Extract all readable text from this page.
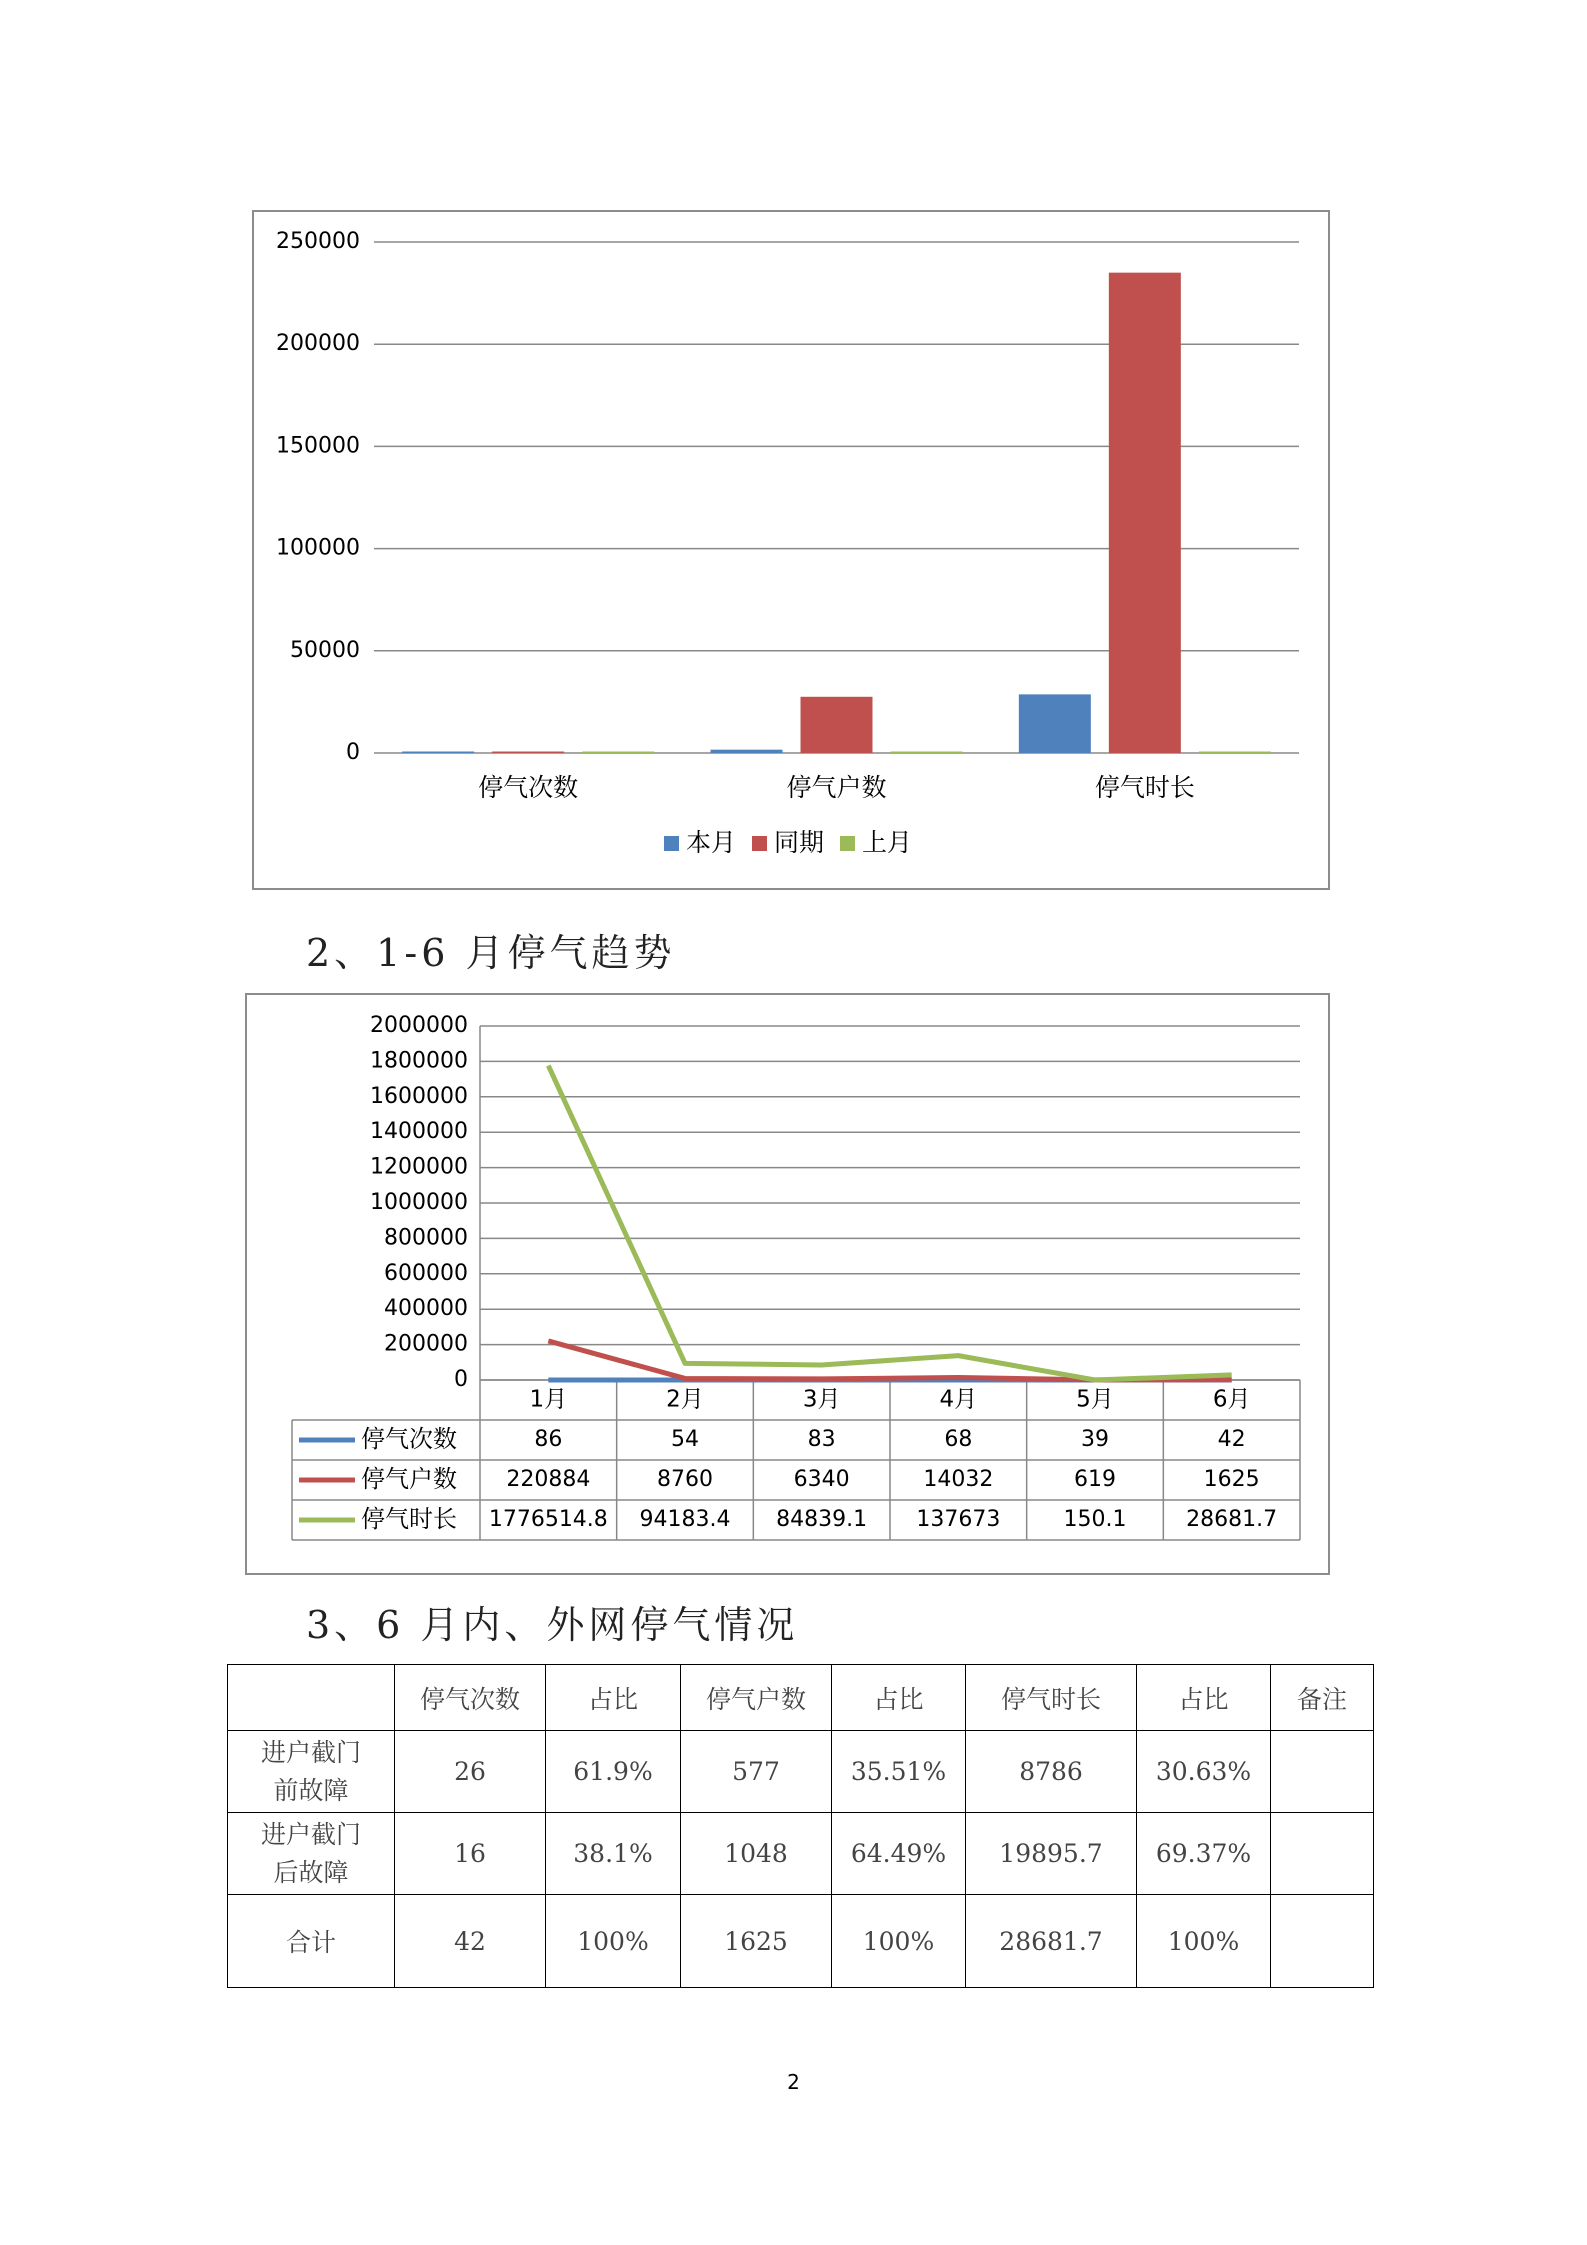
0
50000
100000
150000
200000
250000
停气次数	停气户数	停气时长
本月 同期 上月
2、1-6 月停气趋势
0
200000
400000
600000
800000
1000000
1200000
1400000
1600000
1800000
2000000
1月	2月	3月	4月	5月	6月
停气次数	86	54	83	68	39	42
停气户数 220884	8760	6340	14032	619	1625
停气时长 1776514.8 94183.4 84839.1 137673	150.1	28681.7
3、6 月内、外网停气情况
	停气次数	占比	停气户数	占比	停气时长	占比	备注
进户截门
前故障	26	61.9%	577	35.51%	8786	30.63%	
进户截门
后故障	16	38.1%	1048	64.49%	19895.7	69.37%	
合计	42	100%	1625	100%	28681.7	100%	
2
